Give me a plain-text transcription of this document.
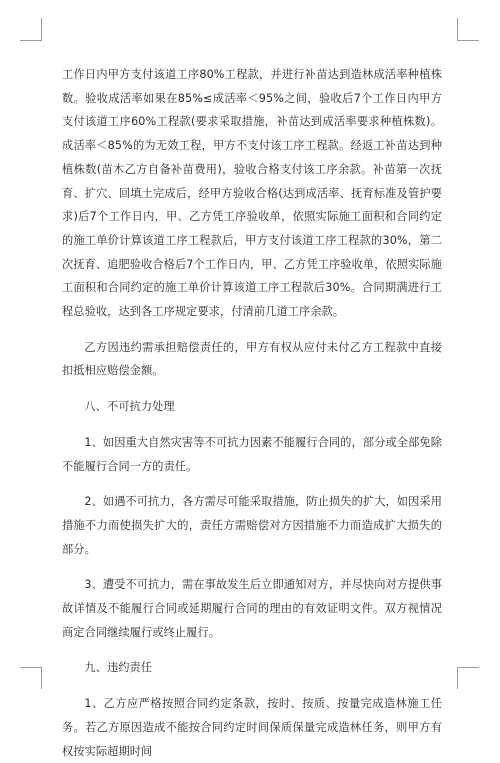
工作日内甲方支付该道工序80%工程款，并进行补苗达到造林成活率种植株数。验收成活率如果在85%≤成活率＜95%之间，验收后7个工作日内甲方支付该道工序60%工程款(要求采取措施，补苗达到成活率要求种植株数)。成活率＜85%的为无效工程，甲方不支付该工序工程款。经返工补苗达到种植株数(苗木乙方自备补苗费用)，验收合格支付该工序余款。补苗第一次抚育、扩穴、回填土完成后，经甲方验收合格(达到成活率、抚育标准及管护要求)后7个工作日内，甲、乙方凭工序验收单，依照实际施工面积和合同约定的施工单价计算该道工序工程款后，甲方支付该道工序工程款的30%，第二次抚育、追肥验收合格后7个工作日内，甲、乙方凭工序验收单，依照实际施工面积和合同约定的施工单价计算该道工序工程款后30%。合同期满进行工程总验收，达到各工序规定要求，付清前几道工序余款。

乙方因违约需承担赔偿责任的，甲方有权从应付未付乙方工程款中直接扣抵相应赔偿金额。

八、不可抗力处理

1、如因重大自然灾害等不可抗力因素不能履行合同的，部分或全部免除不能履行合同一方的责任。

2、如遇不可抗力，各方需尽可能采取措施，防止损失的扩大，如因采用措施不力而使损失扩大的，责任方需赔偿对方因措施不力而造成扩大损失的部分。

3、遭受不可抗力，需在事故发生后立即通知对方，并尽快向对方提供事故详情及不能履行合同或延期履行合同的理由的有效证明文件。双方视情况商定合同继续履行或终止履行。

九、违约责任

1、乙方应严格按照合同约定条款，按时、按质、按量完成造林施工任务。若乙方原因造成不能按合同约定时间保质保量完成造林任务，则甲方有权按实际超期时间
